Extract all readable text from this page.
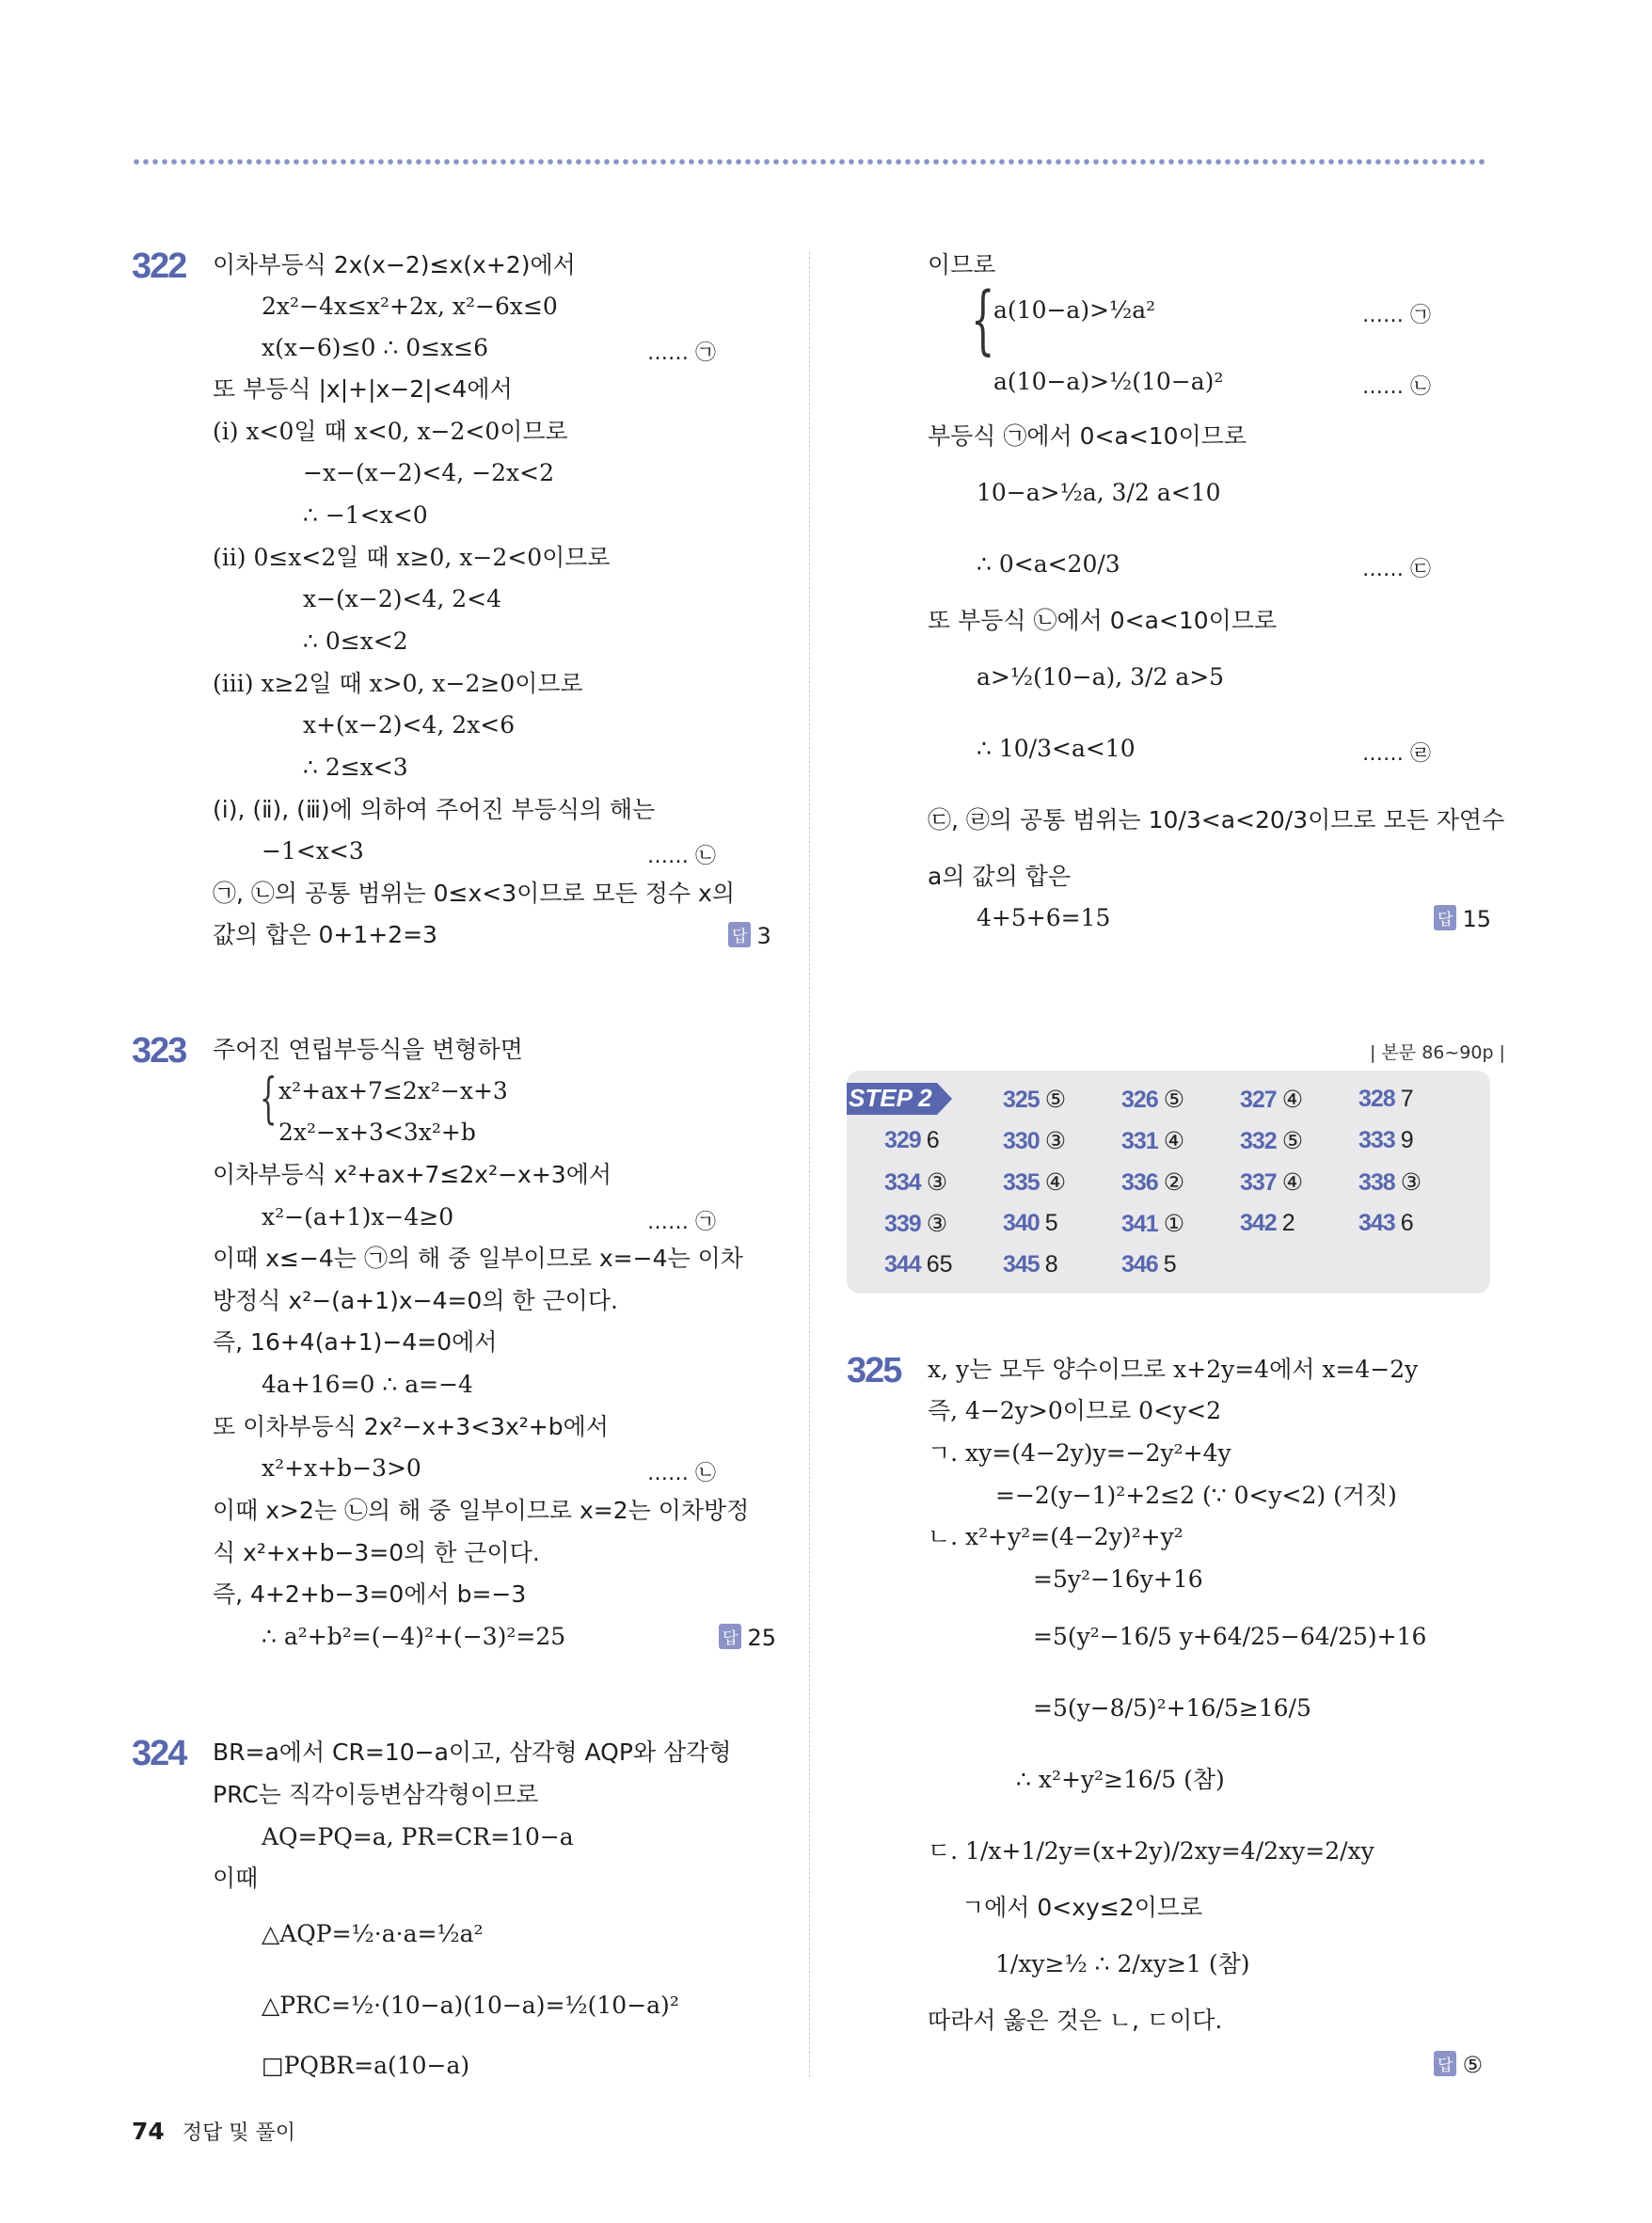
322 이차부등식 2x(x−2)≤x(x+2)에서
2x²−4x≤x²+2x, x²−6x≤0
x(x−6)≤0 ∴ 0≤x≤6	…… ㉠
또 부등식 |x|+|x−2|<4에서
(ⅰ) x<0일 때 x<0, x−2<0이므로
−x−(x−2)<4, −2x<2
∴ −1<x<0
(ⅱ) 0≤x<2일 때 x≥0, x−2<0이므로
x−(x−2)<4, 2<4
∴ 0≤x<2
(ⅲ) x≥2일 때 x>0, x−2≥0이므로
x+(x−2)<4, 2x<6
∴ 2≤x<3
(ⅰ), (ⅱ), (ⅲ)에 의하여 주어진 부등식의 해는
−1<x<3	…… ㉡
㉠, ㉡의 공통 범위는 0≤x<3이므로 모든 정수 x의
값의 합은 0+1+2=3	답 3
323 주어진 연립부등식을 변형하면
{ x²+ax+7≤2x²−x+3
2x²−x+3<3x²+b
이차부등식 x²+ax+7≤2x²−x+3에서
x²−(a+1)x−4≥0	…… ㉠
이때 x≤−4는 ㉠의 해 중 일부이므로 x=−4는 이차
방정식 x²−(a+1)x−4=0의 한 근이다.
즉, 16+4(a+1)−4=0에서
4a+16=0 ∴ a=−4
또 이차부등식 2x²−x+3<3x²+b에서
x²+x+b−3>0	…… ㉡
이때 x>2는 ㉡의 해 중 일부이므로 x=2는 이차방정
식 x²+x+b−3=0의 한 근이다.
즉, 4+2+b−3=0에서 b=−3
∴ a²+b²=(−4)²+(−3)²=25	답 25
324 BR=a에서 CR=10−a이고, 삼각형 AQP와 삼각형
PRC는 직각이등변삼각형이므로
AQ=PQ=a, PR=CR=10−a
이때
△AQP=½·a·a=½a²
△PRC=½·(10−a)(10−a)=½(10−a)²
□PQBR=a(10−a)
74 정답 및 풀이
이므로
{
a(10−a)>½a²	…… ㉠
a(10−a)>½(10−a)²	…… ㉡
부등식 ㉠에서 0<a<10이므로
10−a>½a, 3/2 a<10
∴ 0<a<20/3	…… ㉢
또 부등식 ㉡에서 0<a<10이므로
a>½(10−a), 3/2 a>5
∴ 10/3<a<10	…… ㉣
㉢, ㉣의 공통 범위는 10/3<a<20/3이므로 모든 자연수
a의 값의 합은
4+5+6=15	답 15
| 본문 86~90p |
STEP 2	325 ⑤ 326 ⑤ 327 ④ 328 7
329 6	330 ③ 331 ④ 332 ⑤ 333 9
334 ③ 335 ④ 336 ② 337 ④ 338 ③
339 ③ 340 5	341 ① 342 2	343 6
344 65 345 8	346 5
325 x, y는 모두 양수이므로 x+2y=4에서 x=4−2y
즉, 4−2y>0이므로 0<y<2
ㄱ. xy=(4−2y)y=−2y²+4y
=−2(y−1)²+2≤2 (∵ 0<y<2) (거짓)
ㄴ. x²+y²=(4−2y)²+y²
=5y²−16y+16
=5(y²−16/5 y+64/25−64/25)+16
=5(y−8/5)²+16/5≥16/5
∴ x²+y²≥16/5 (참)
ㄷ. 1/x+1/2y=(x+2y)/2xy=4/2xy=2/xy
ㄱ에서 0<xy≤2이므로
1/xy≥½ ∴ 2/xy≥1 (참)
따라서 옳은 것은 ㄴ, ㄷ이다.
답 ⑤
